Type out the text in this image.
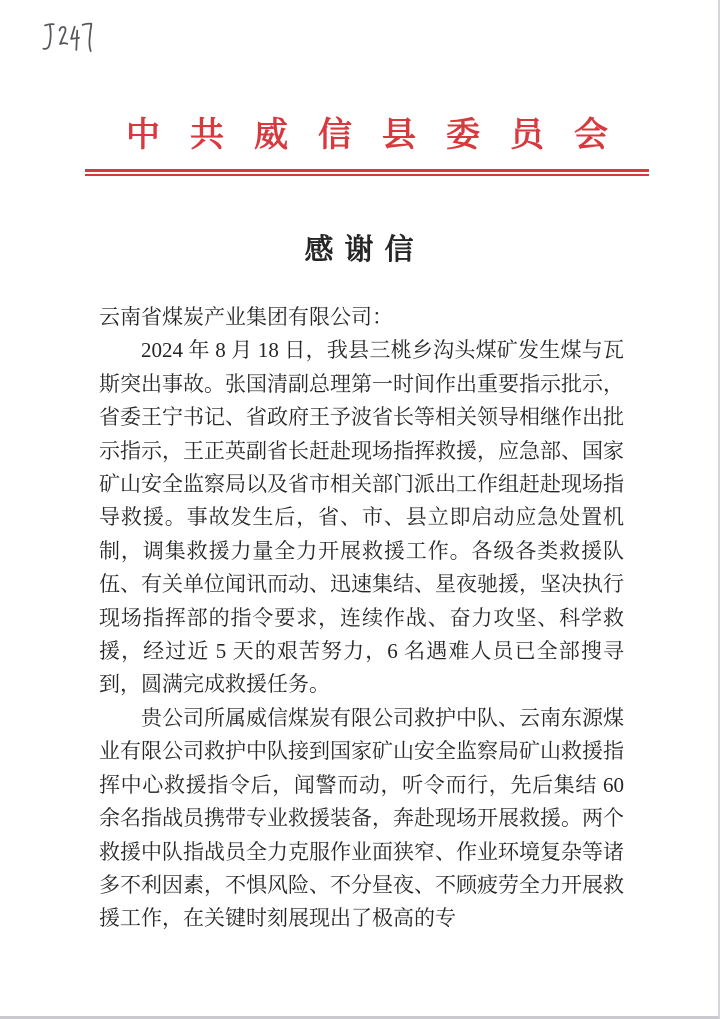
中共威信县委员会
感谢信

云南省煤炭产业集团有限公司：

2024 年 8 月 18 日，我县三桃乡沟头煤矿发生煤与瓦斯突出事故。张国清副总理第一时间作出重要指示批示，省委王宁书记、省政府王予波省长等相关领导相继作出批示指示，王正英副省长赶赴现场指挥救援，应急部、国家矿山安全监察局以及省市相关部门派出工作组赶赴现场指导救援。事故发生后，省、市、县立即启动应急处置机制，调集救援力量全力开展救援工作。各级各类救援队伍、有关单位闻讯而动、迅速集结、星夜驰援，坚决执行现场指挥部的指令要求，连续作战、奋力攻坚、科学救援，经过近 5 天的艰苦努力，6 名遇难人员已全部搜寻到，圆满完成救援任务。

贵公司所属威信煤炭有限公司救护中队、云南东源煤业有限公司救护中队接到国家矿山安全监察局矿山救援指挥中心救援指令后，闻警而动，听令而行，先后集结 60 余名指战员携带专业救援装备，奔赴现场开展救援。两个救援中队指战员全力克服作业面狭窄、作业环境复杂等诸多不利因素，不惧风险、不分昼夜、不顾疲劳全力开展救援工作，在关键时刻展现出了极高的专
